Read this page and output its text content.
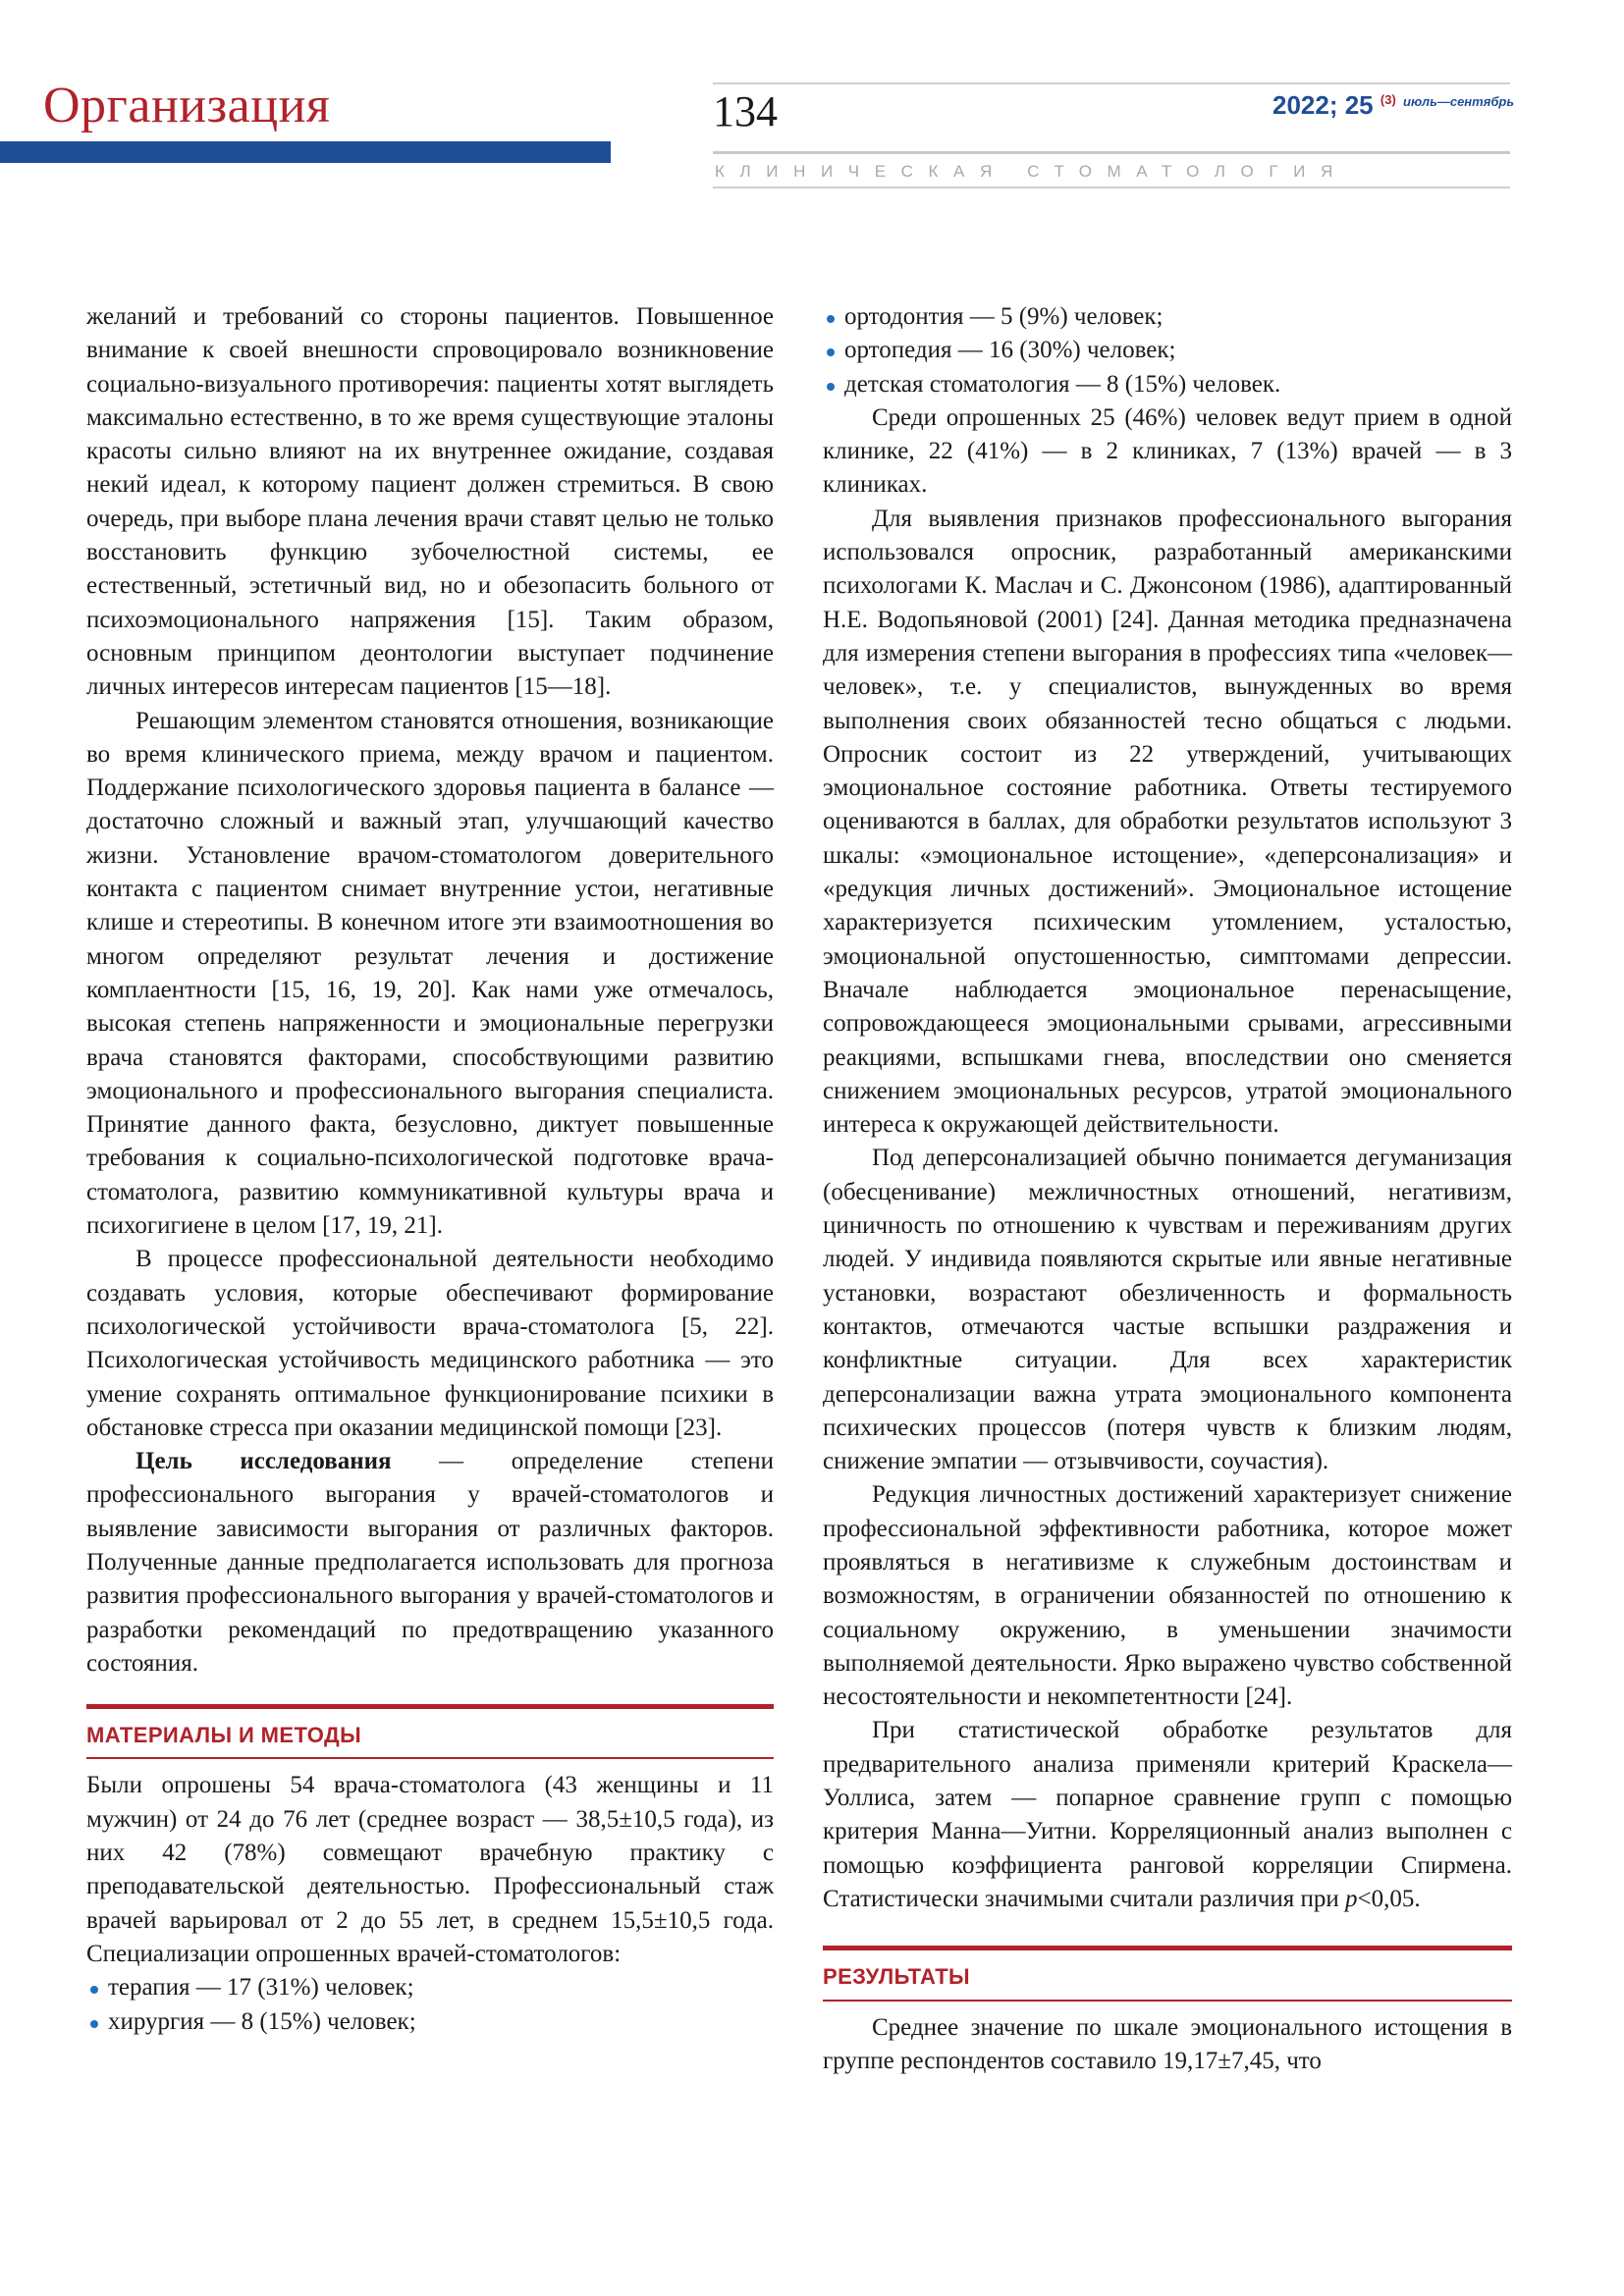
Организация	134	2022; 25 $^{(3)}$ $^{июль—сентябрь}$
КЛИНИЧЕСКАЯ СТОМАТОЛОГИЯ

желаний и требований со стороны пациентов. Повышенное внимание к своей внешности спровоцировало возникновение социально-визуального противоречия: пациенты хотят выглядеть максимально естественно, в то же время существующие эталоны красоты сильно влияют на их внутреннее ожидание, создавая некий идеал, к которому пациент должен стремиться. В свою очередь, при выборе плана лечения врачи ставят целью не только восстановить функцию зубочелюстной системы, ее естественный, эстетичный вид, но и обезопасить больного от психоэмоционального напряжения [15]. Таким образом, основным принципом деонтологии выступает подчинение личных интересов интересам пациентов [15—18].

Решающим элементом становятся отношения, возникающие во время клинического приема, между врачом и пациентом. Поддержание психологического здоровья пациента в балансе — достаточно сложный и важный этап, улучшающий качество жизни. Установление врачом-стоматологом доверительного контакта с пациентом снимает внутренние устои, негативные клише и стереотипы. В конечном итоге эти взаимоотношения во многом определяют результат лечения и достижение комплаентности [15, 16, 19, 20]. Как нами уже отмечалось, высокая степень напряженности и эмоциональные перегрузки врача становятся факторами, способствующими развитию эмоционального и профессионального выгорания специалиста. Принятие данного факта, безусловно, диктует повышенные требования к социально-психологической подготовке врача-стоматолога, развитию коммуникативной культуры врача и психогигиене в целом [17, 19, 21].

В процессе профессиональной деятельности необходимо создавать условия, которые обеспечивают формирование психологической устойчивости врача-стоматолога [5, 22]. Психологическая устойчивость медицинского работника — это умение сохранять оптимальное функционирование психики в обстановке стресса при оказании медицинской помощи [23].

Цель исследования — определение степени профессионального выгорания у врачей-стоматологов и выявление зависимости выгорания от различных факторов. Полученные данные предполагается использовать для прогноза развития профессионального выгорания у врачей-стоматологов и разработки рекомендаций по предотвращению указанного состояния.

МАТЕРИАЛЫ И МЕТОДЫ

Были опрошены 54 врача-стоматолога (43 женщины и 11 мужчин) от 24 до 76 лет (среднее возраст — 38,5±10,5 года), из них 42 (78%) совмещают врачебную практику с преподавательской деятельностью. Профессиональный стаж врачей варьировал от 2 до 55 лет, в среднем 15,5±10,5 года. Специализации опрошенных врачей-стоматологов:

терапия — 17 (31%) человек;
хирургия — 8 (15%) человек;
ортодонтия — 5 (9%) человек;
ортопедия — 16 (30%) человек;
детская стоматология — 8 (15%) человек.

Среди опрошенных 25 (46%) человек ведут прием в одной клинике, 22 (41%) — в 2 клиниках, 7 (13%) врачей — в 3 клиниках.

Для выявления признаков профессионального выгорания использовался опросник, разработанный американскими психологами К. Маслач и С. Джонсоном (1986), адаптированный Н.Е. Водопьяновой (2001) [24]. Данная методика предназначена для измерения степени выгорания в профессиях типа «человек—человек», т.е. у специалистов, вынужденных во время выполнения своих обязанностей тесно общаться с людьми. Опросник состоит из 22 утверждений, учитывающих эмоциональное состояние работника. Ответы тестируемого оцениваются в баллах, для обработки результатов используют 3 шкалы: «эмоциональное истощение», «деперсонализация» и «редукция личных достижений». Эмоциональное истощение характеризуется психическим утомлением, усталостью, эмоциональной опустошенностью, симптомами депрессии. Вначале наблюдается эмоциональное перенасыщение, сопровождающееся эмоциональными срывами, агрессивными реакциями, вспышками гнева, впоследствии оно сменяется снижением эмоциональных ресурсов, утратой эмоционального интереса к окружающей действительности.

Под деперсонализацией обычно понимается дегуманизация (обесценивание) межличностных отношений, негативизм, циничность по отношению к чувствам и переживаниям других людей. У индивида появляются скрытые или явные негативные установки, возрастают обезличенность и формальность контактов, отмечаются частые вспышки раздражения и конфликтные ситуации. Для всех характеристик деперсонализации важна утрата эмоционального компонента психических процессов (потеря чувств к близким людям, снижение эмпатии — отзывчивости, соучастия).

Редукция личностных достижений характеризует снижение профессиональной эффективности работника, которое может проявляться в негативизме к служебным достоинствам и возможностям, в ограничении обязанностей по отношению к социальному окружению, в уменьшении значимости выполняемой деятельности. Ярко выражено чувство собственной несостоятельности и некомпетентности [24].

При статистической обработке результатов для предварительного анализа применяли критерий Краскела—Уоллиса, затем — попарное сравнение групп с помощью критерия Манна—Уитни. Корреляционный анализ выполнен с помощью коэффициента ранговой корреляции Спирмена. Статистически значимыми считали различия при p<0,05.

РЕЗУЛЬТАТЫ

Среднее значение по шкале эмоционального истощения в группе респондентов составило 19,17±7,45, что
